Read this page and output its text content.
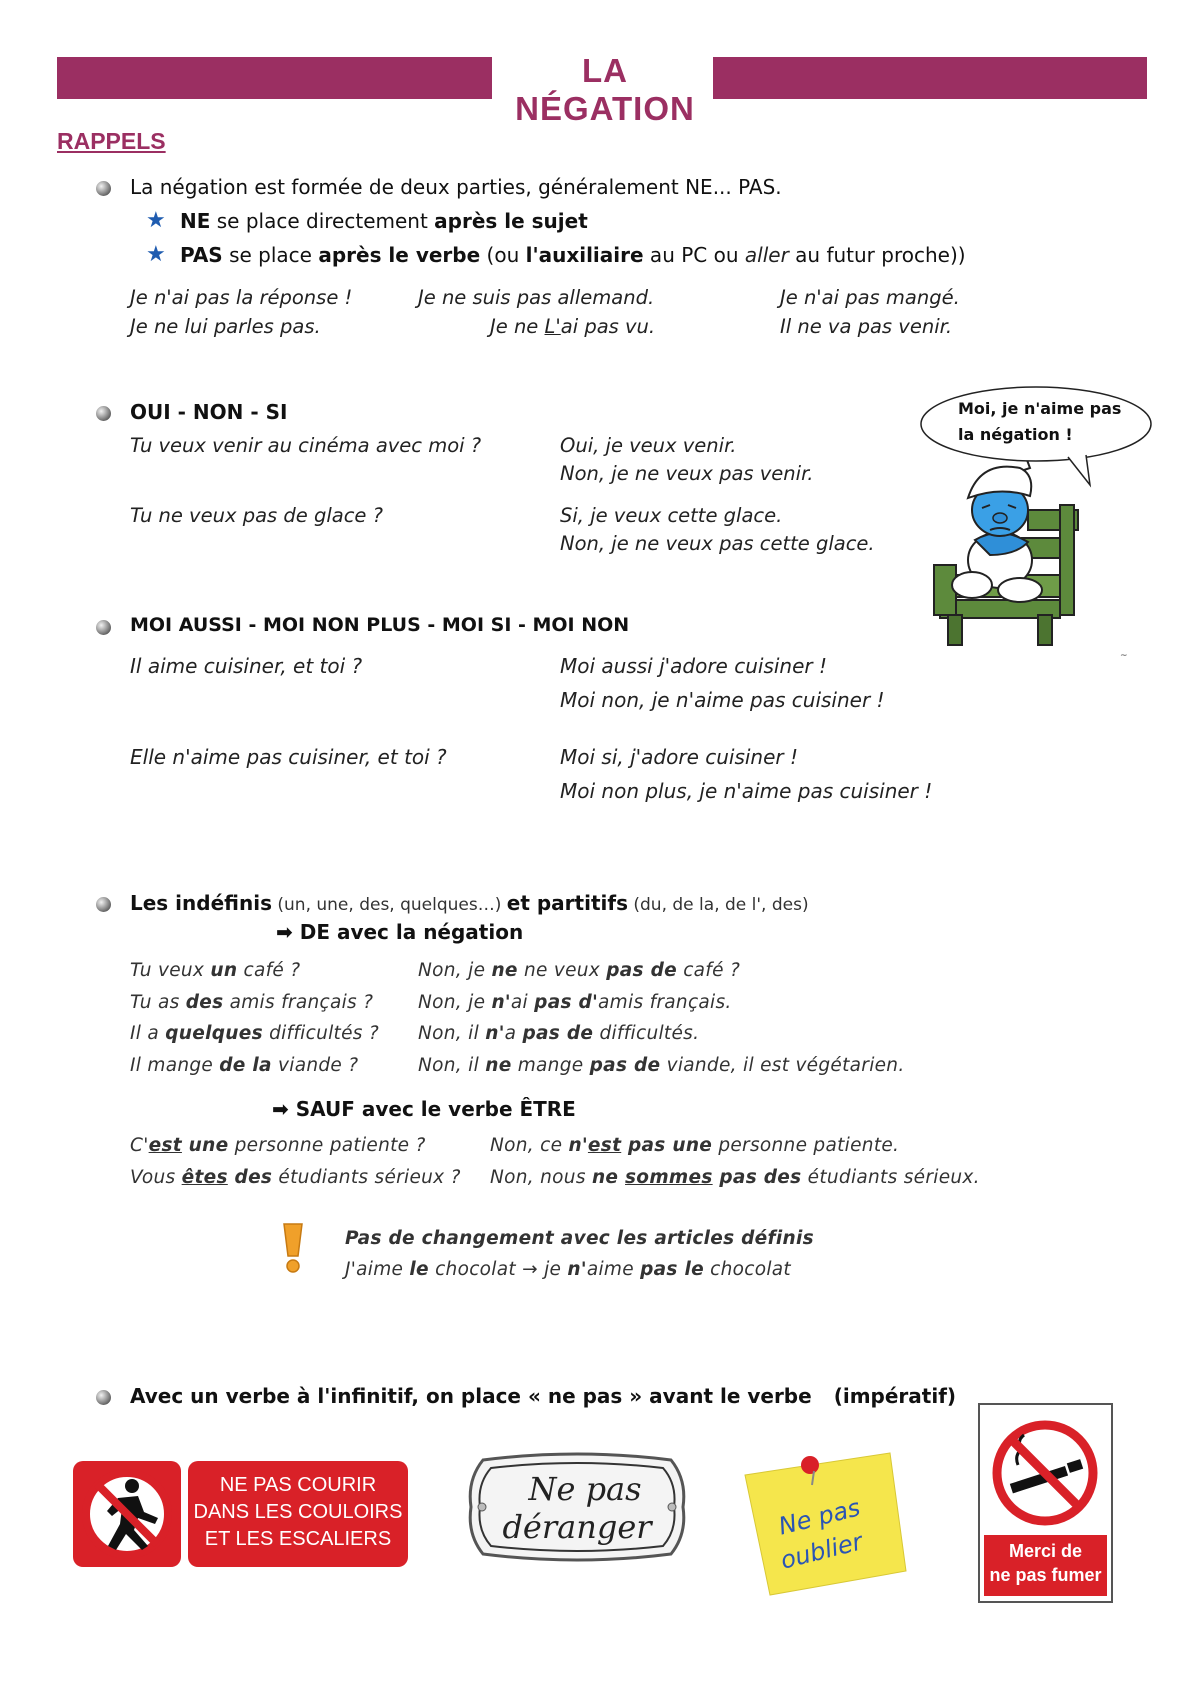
LA NÉGATION
RAPPELS
La négation est formée de deux parties, généralement NE... PAS.
★ NE se place directement après le sujet
★ PAS se place après le verbe (ou l'auxiliaire au PC ou aller au futur proche))
Je n'ai pas la réponse !	Je ne suis pas allemand.	Je n'ai pas mangé.
Je ne lui parles pas.	Je ne L'ai pas vu.	Il ne va pas venir.
OUI - NON - SI
Tu veux venir au cinéma avec moi ?	Oui, je veux venir.
Non, je ne veux pas venir.
Tu ne veux pas de glace ?	Si, je veux cette glace.
Non, je ne veux pas cette glace.
~
Moi, je n'aime pas
la négation !
MOI AUSSI - MOI NON PLUS - MOI SI - MOI NON
Il aime cuisiner, et toi ?	Moi aussi j'adore cuisiner !
Moi non, je n'aime pas cuisiner !
Elle n'aime pas cuisiner, et toi ?	Moi si, j'adore cuisiner !
Moi non plus, je n'aime pas cuisiner !
Les indéfinis (un, une, des, quelques…) et partitifs (du, de la, de l', des)
➡ DE avec la négation
Tu veux un café ?	Non, je ne ne veux pas de café ?
Tu as des amis français ? Non, je n'ai pas d'amis français.
Il a quelques difficultés ? Non, il n'a pas de difficultés.
Il mange de la viande ?	Non, il ne mange pas de viande, il est végétarien.
➡ SAUF avec le verbe ÊTRE
C'est une personne patiente ?	Non, ce n'est pas une personne patiente.
Vous êtes des étudiants sérieux ? Non, nous ne sommes pas des étudiants sérieux.
Pas de changement avec les articles définis
J'aime le chocolat → je n'aime pas le chocolat
Avec un verbe à l'infinitif, on place « ne pas » avant le verbe (impératif)
NE PAS COURIR
DANS LES COULOIRS
ET LES ESCALIERS
Ne pas
déranger	Ne pas
oublier	Merci de
ne pas fumer
